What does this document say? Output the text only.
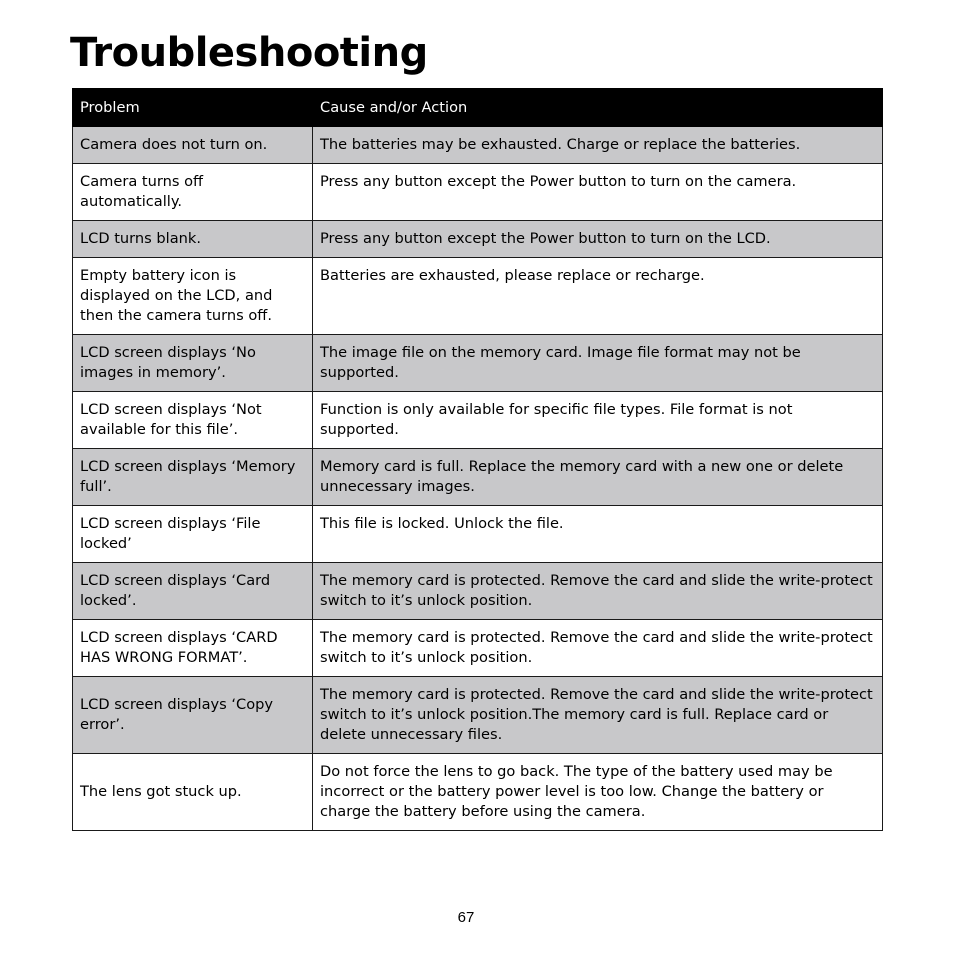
Troubleshooting
Problem	Cause and/or Action
Camera does not turn on.	The batteries may be exhausted. Charge or replace the batteries.
Camera turns off automatically.	Press any button except the Power button to turn on the camera.
LCD turns blank.	Press any button except the Power button to turn on the LCD.
Empty battery icon is displayed on the LCD, and then the camera turns off.	Batteries are exhausted, please replace or recharge.
LCD screen displays ‘No images in memory’.	The image file on the memory card. Image file format may not be supported.
LCD screen displays ‘Not available for this file’.	Function is only available for specific file types. File format is not supported.
LCD screen displays ‘Memory full’.	Memory card is full. Replace the memory card with a new one or delete unnecessary images.
LCD screen displays ‘File locked’	This file is locked. Unlock the file.
LCD screen displays ‘Card locked’.	The memory card is protected. Remove the card and slide the write-protect switch to it’s unlock position.
LCD screen displays ‘CARD HAS WRONG FORMAT’.	The memory card is protected. Remove the card and slide the write-protect switch to it’s unlock position.
LCD screen displays ‘Copy error’.	The memory card is protected. Remove the card and slide the write-protect switch to it’s unlock position.The memory card is full. Replace card or delete unnecessary files.
The lens got stuck up.	Do not force the lens to go back. The type of the battery used may be incorrect or the battery power level is too low. Change the battery or charge the battery before using the camera.
67
